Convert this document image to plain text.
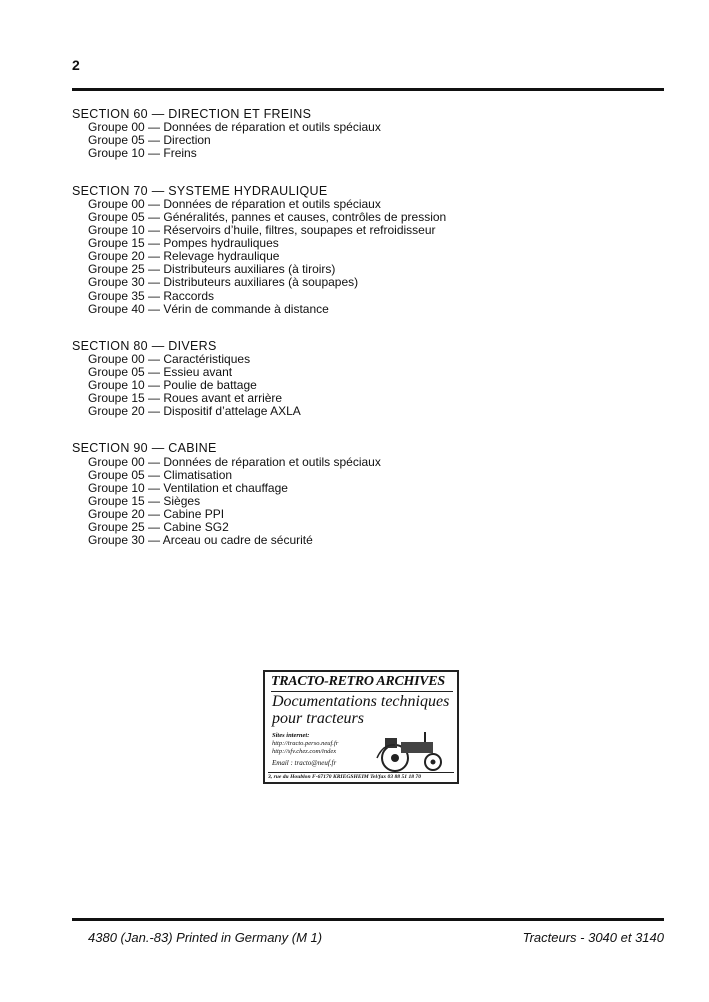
2
SECTION 60 — DIRECTION ET FREINS
Groupe 00 — Données de réparation et outils spéciaux
Groupe 05 — Direction
Groupe 10 — Freins
SECTION 70 — SYSTEME HYDRAULIQUE
Groupe 00 — Données de réparation et outils spéciaux
Groupe 05 — Généralités, pannes et causes, contrôles de pression
Groupe 10 — Réservoirs d’huile, filtres, soupapes et refroidisseur
Groupe 15 — Pompes hydrauliques
Groupe 20 — Relevage hydraulique
Groupe 25 — Distributeurs auxiliares (à tiroirs)
Groupe 30 — Distributeurs auxiliares (à soupapes)
Groupe 35 — Raccords
Groupe 40 — Vérin de commande à distance
SECTION 80 — DIVERS
Groupe 00 — Caractéristiques
Groupe 05 — Essieu avant
Groupe 10 — Poulie de battage
Groupe 15 — Roues avant et arrière
Groupe 20 — Dispositif d’attelage AXLA
SECTION 90 — CABINE
Groupe 00 — Données de réparation et outils spéciaux
Groupe 05 — Climatisation
Groupe 10 — Ventilation et chauffage
Groupe 15 — Sièges
Groupe 20 — Cabine PPI
Groupe 25 — Cabine SG2
Groupe 30 — Arceau ou cadre de sécurité
TRACTO-RETRO ARCHIVES
Documentations techniques
pour tracteurs
Sites internet:
http://tracto.perso.neuf.fr
http://sfv.chez.com/index
Email : tracto@neuf.fr
3, rue du Houblon F-67170 KRIEGSHEIM Tel/fax 03 88 51 18 70
4380 (Jan.-83) Printed in Germany (M 1)	Tracteurs - 3040 et 3140
